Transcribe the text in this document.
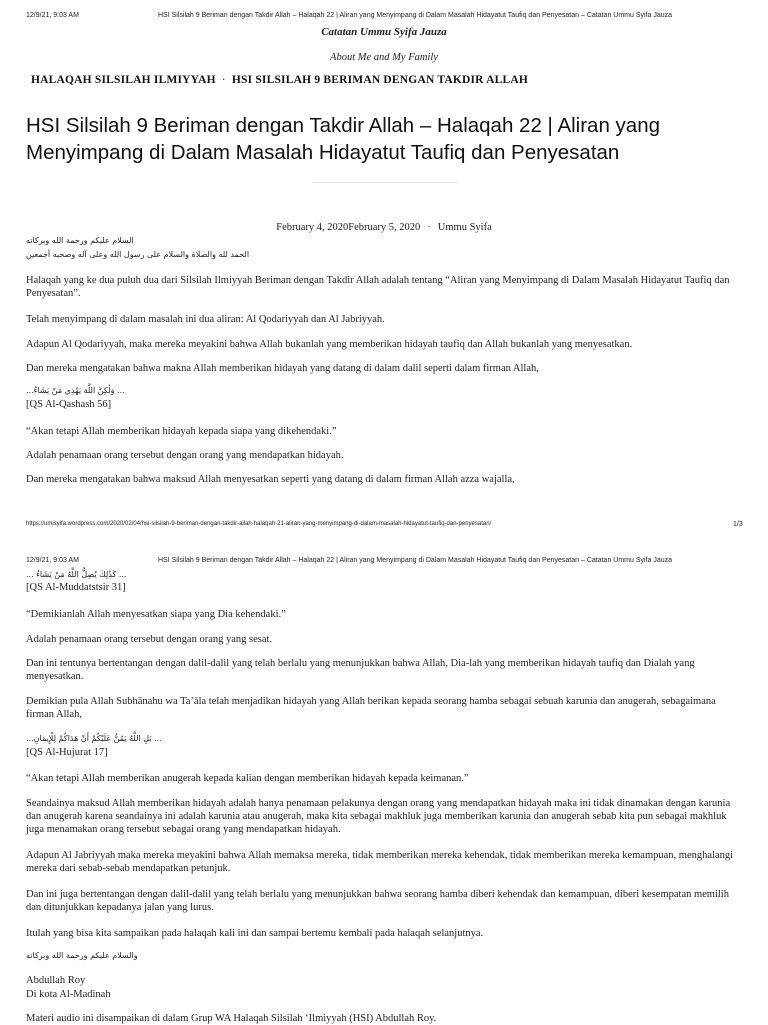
12/9/21, 9:03 AM	HSI Silsilah 9 Beriman dengan Takdir Allah – Halaqah 22 | Aliran yang Menyimpang di Dalam Masalah Hidayatut Taufiq dan Penyesatan – Catatan Ummu Syifa Jauza
Catatan Ummu Syifa Jauza
About Me and My Family
HALAQAH SILSILAH ILMIYYAH · HSI SILSILAH 9 BERIMAN DENGAN TAKDIR ALLAH
HSI Silsilah 9 Beriman dengan Takdir Allah – Halaqah 22 | Aliran yang Menyimpang di Dalam Masalah Hidayatut Taufiq dan Penyesatan
February 4, 2020February 5, 2020 · Ummu Syifa
السلام عليكم ورحمة الله وبركاته
الحمد لله والصلاة والسلام على رسول الله وعلى آله وصحبه أجمعين

Halaqah yang ke dua puluh dua dari Silsilah Ilmiyyah Beriman dengan Takdir Allah adalah tentang “Aliran yang Menyimpang di Dalam Masalah Hidayatut Taufiq dan Penyesatan”.

Telah menyimpang di dalam masalah ini dua aliran: Al Qodariyyah dan Al Jabriyyah.

Adapun Al Qodariyyah, maka mereka meyakini bahwa Allah bukanlah yang memberikan hidayah taufiq dan Allah bukanlah yang menyesatkan.

Dan mereka mengatakan bahwa makna Allah memberikan hidayah yang datang di dalam dalil seperti dalam firman Allah,

...وَلَٰكِنَّ اللَّهَ يَهْدِي مَنْ يَشَاءُ ...
[QS Al-Qashash 56]

“Akan tetapi Allah memberikan hidayah kepada siapa yang dikehendaki.”

Adalah penamaan orang tersebut dengan orang yang mendapatkan hidayah.

Dan mereka mengatakan bahwa maksud Allah menyesatkan seperti yang datang di dalam firman Allah azza wajalla,

https://umisyifa.wordpress.com/2020/02/04/hsi-silsilah-9-beriman-dengan-takdir-allah-halaqah-21-aliran-yang-menyimpang-di-dalam-masalah-hidayatut-taufiq-dan-penyesatan/	1/3
12/9/21, 9:03 AM	HSI Silsilah 9 Beriman dengan Takdir Allah – Halaqah 22 | Aliran yang Menyimpang di Dalam Masalah Hidayatut Taufiq dan Penyesatan – Catatan Ummu Syifa Jauza
... كَذَٰلِكَ يُضِلُّ اللَّهُ مَنْ يَشَاءُ ...
[QS Al-Muddatstsir 31]

“Demikianlah Allah menyesatkan siapa yang Dia kehendaki.”

Adalah penamaan orang tersebut dengan orang yang sesat.

Dan ini tentunya bertentangan dengan dalil-dalil yang telah berlalu yang menunjukkan bahwa Allah, Dia-lah yang memberikan hidayah taufiq dan Dialah yang menyesatkan.

Demikian pula Allah Subhānahu wa Ta’āla telah menjadikan hidayah yang Allah berikan kepada seorang hamba sebagai sebuah karunia dan anugerah, sebagaimana firman Allah,

...بَلِ اللَّهُ يَمُنُّ عَلَيْكُمْ أَنْ هَدَاكُمْ لِلْإِيمَانِ ...
[QS Al-Hujurat 17]

“Akan tetapi Allah memberikan anugerah kepada kalian dengan memberikan hidayah kepada keimanan.”

Seandainya maksud Allah memberikan hidayah adalah hanya penamaan pelakunya dengan orang yang mendapatkan hidayah maka ini tidak dinamakan dengan karunia dan anugerah karena seandainya ini adalah karunia atau anugerah, maka kita sebagai makhluk juga memberikan karunia dan anugerah sebab kita pun sebagai makhluk juga menamakan orang tersebut sebagai orang yang mendapatkan hidayah.

Adapun Al Jabriyyah maka mereka meyakini bahwa Allah memaksa mereka, tidak memberikan mereka kehendak, tidak memberikan mereka kemampuan, menghalangi mereka dari sebab-sebab mendapatkan petunjuk.

Dan ini juga bertentangan dengan dalil-dalil yang telah berlalu yang menunjukkan bahwa seorang hamba diberi kehendak dan kemampuan, diberi kesempatan memilih dan ditunjukkan kepadanya jalan yang lurus.

Itulah yang bisa kita sampaikan pada halaqah kali ini dan sampai bertemu kembali pada halaqah selanjutnya.

والسلام عليكم ورحمة الله وبركاته
Abdullah Roy
Di kota Al-Madinah

Materi audio ini disampaikan di dalam Grup WA Halaqah Silsilah ‘Ilmiyyah (HSI) Abdullah Roy.
